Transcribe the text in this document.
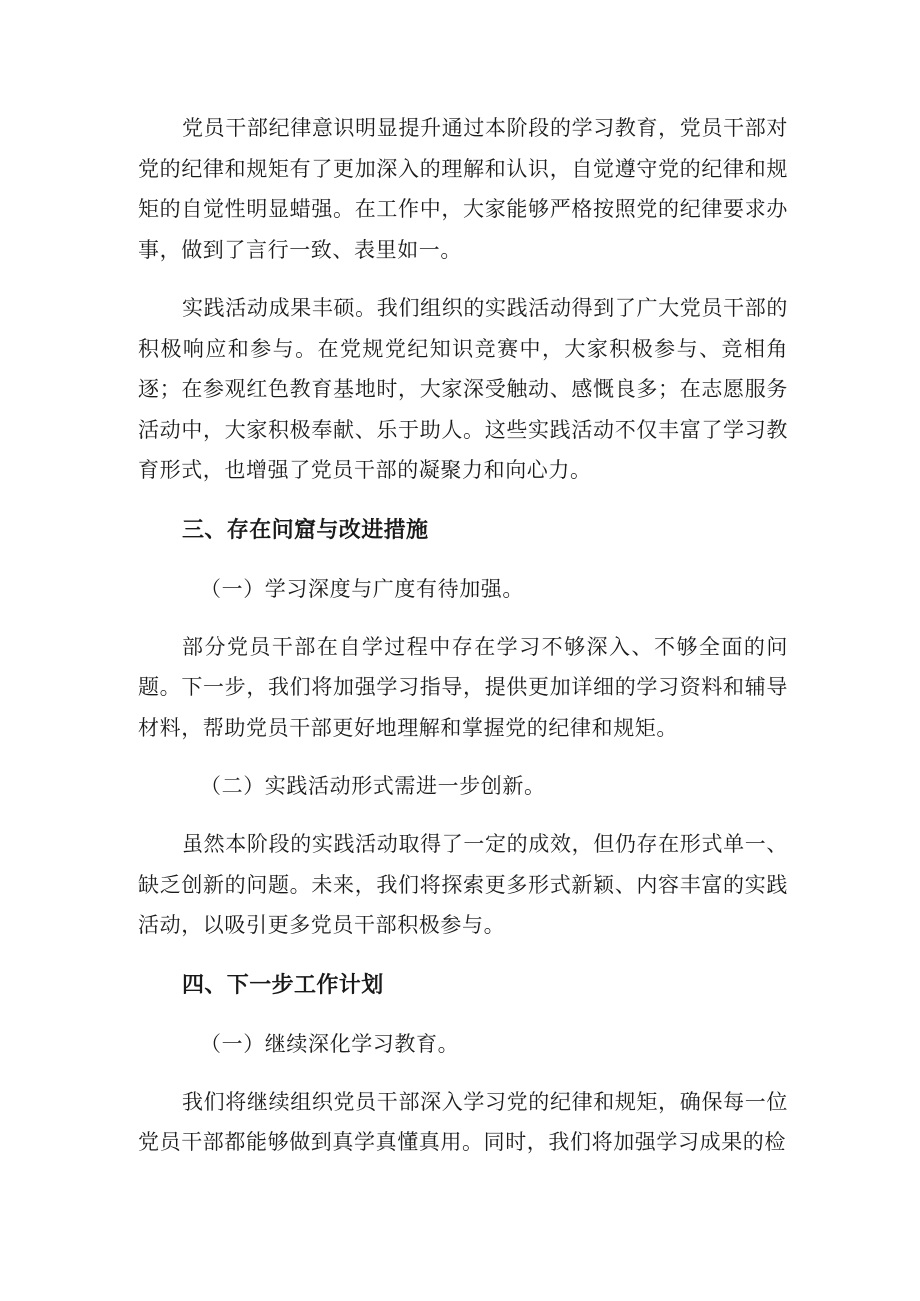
党员干部纪律意识明显提升通过本阶段的学习教育，党员干部对党的纪律和规矩有了更加深入的理解和认识，自觉遵守党的纪律和规矩的自觉性明显蜡强。在工作中，大家能够严格按照党的纪律要求办事，做到了言行一致、表里如一。

实践活动成果丰硕。我们组织的实践活动得到了广大党员干部的积极响应和参与。在党规党纪知识竞赛中，大家积极参与、竞相角逐；在参观红色教育基地时，大家深受触动、感慨良多；在志愿服务活动中，大家积极奉献、乐于助人。这些实践活动不仅丰富了学习教育形式，也增强了党员干部的凝聚力和向心力。

三、存在问窟与改进措施

（一）学习深度与广度有待加强。

部分党员干部在自学过程中存在学习不够深入、不够全面的问题。下一步，我们将加强学习指导，提供更加详细的学习资料和辅导材料，帮助党员干部更好地理解和掌握党的纪律和规矩。

（二）实践活动形式需进一步创新。

虽然本阶段的实践活动取得了一定的成效，但仍存在形式单一、缺乏创新的问题。未来，我们将探索更多形式新颖、内容丰富的实践活动，以吸引更多党员干部积极参与。

四、下一步工作计划

（一）继续深化学习教育。

我们将继续组织党员干部深入学习党的纪律和规矩，确保每一位党员干部都能够做到真学真懂真用。同时，我们将加强学习成果的检
